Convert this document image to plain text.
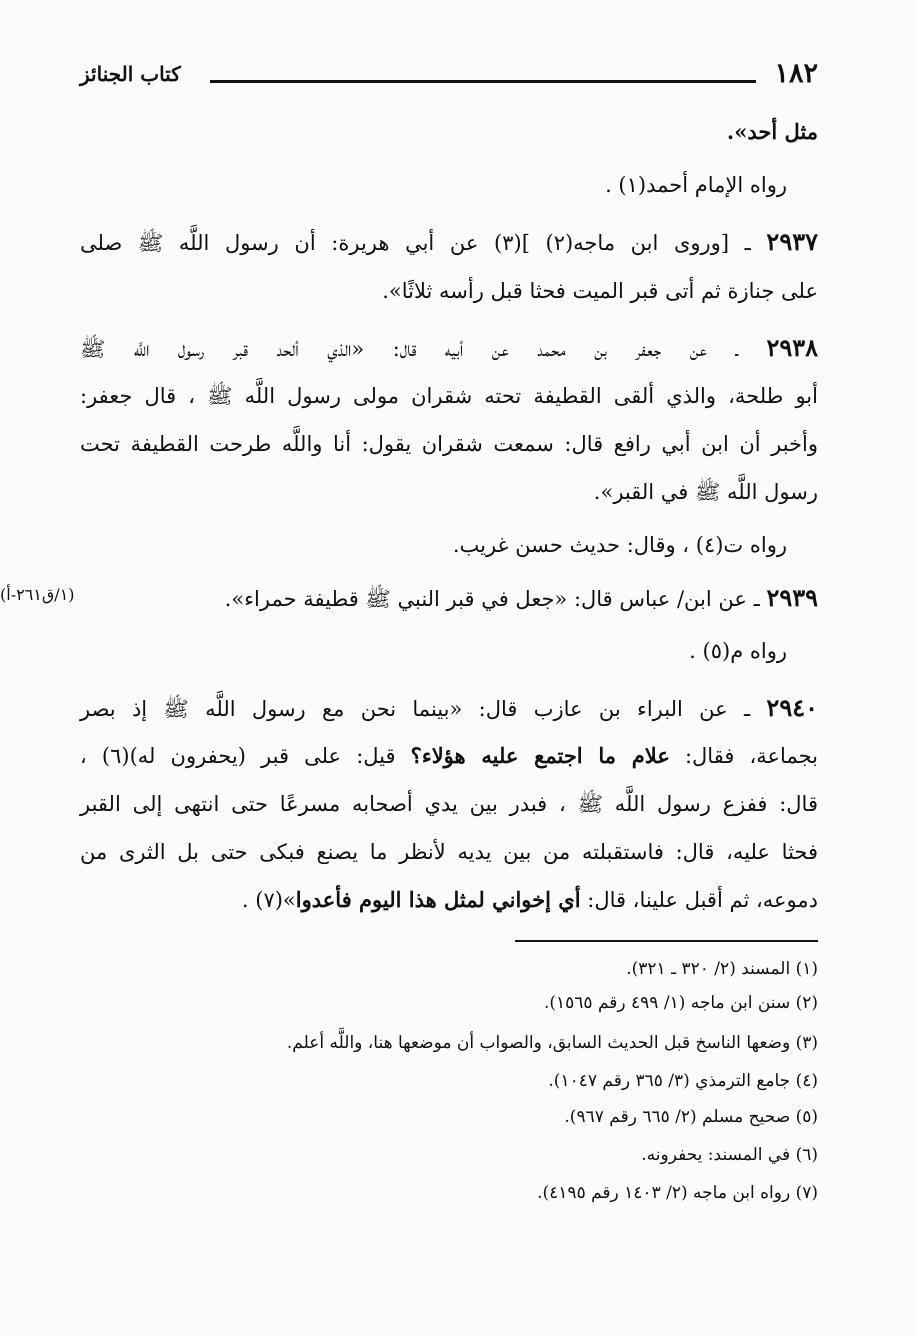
١٨٢
كتاب الجنائز
مثل أحد».
رواه الإمام أحمد(١) .
٢٩٣٧ ـ [وروى ابن ماجه(٢) ](٣) عن أبي هريرة: أن رسول اللَّه ﷺ صلى
على جنازة ثم أتى قبر الميت فحثا قبل رأسه ثلاثًا».
٢٩٣٨ ـ عن جعفر بن محمد عن أبيه قال: «الذي ألحد قبر رسول اللَّه ﷺ
أبو طلحة، والذي ألقى القطيفة تحته شقران مولى رسول اللَّه ﷺ ، قال جعفر:
وأخبر أن ابن أبي رافع قال: سمعت شقران يقول: أنا واللَّه طرحت القطيفة تحت
رسول اللَّه ﷺ في القبر».
رواه ت(٤) ، وقال: حديث حسن غريب.
(١/ق٢٦١-أ)	٢٩٣٩ ـ عن ابن/ عباس قال: «جعل في قبر النبي ﷺ قطيفة حمراء».
رواه م(٥) .
٢٩٤٠ ـ عن البراء بن عازب قال: «بينما نحن مع رسول اللَّه ﷺ إذ بصر
بجماعة، فقال: علام ما اجتمع عليه هؤلاء؟ قيل: على قبر (يحفرون له)(٦) ،
قال: ففزع رسول اللَّه ﷺ ، فبدر بين يدي أصحابه مسرعًا حتى انتهى إلى القبر
فحثا عليه، قال: فاستقبلته من بين يديه لأنظر ما يصنع فبكى حتى بل الثرى من
دموعه، ثم أقبل علينا، قال: أي إخواني لمثل هذا اليوم فأعدوا»(٧) .
(١) المسند (٢/ ٣٢٠ ـ ٣٢١).
(٢) سنن ابن ماجه (١/ ٤٩٩ رقم ١٥٦٥).
(٣) وضعها الناسخ قبل الحديث السابق، والصواب أن موضعها هنا، واللَّه أعلم.
(٤) جامع الترمذي (٣/ ٣٦٥ رقم ١٠٤٧).
(٥) صحيح مسلم (٢/ ٦٦٥ رقم ٩٦٧).
(٦) في المسند: يحفرونه.
(٧) رواه ابن ماجه (٢/ ١٤٠٣ رقم ٤١٩٥).
